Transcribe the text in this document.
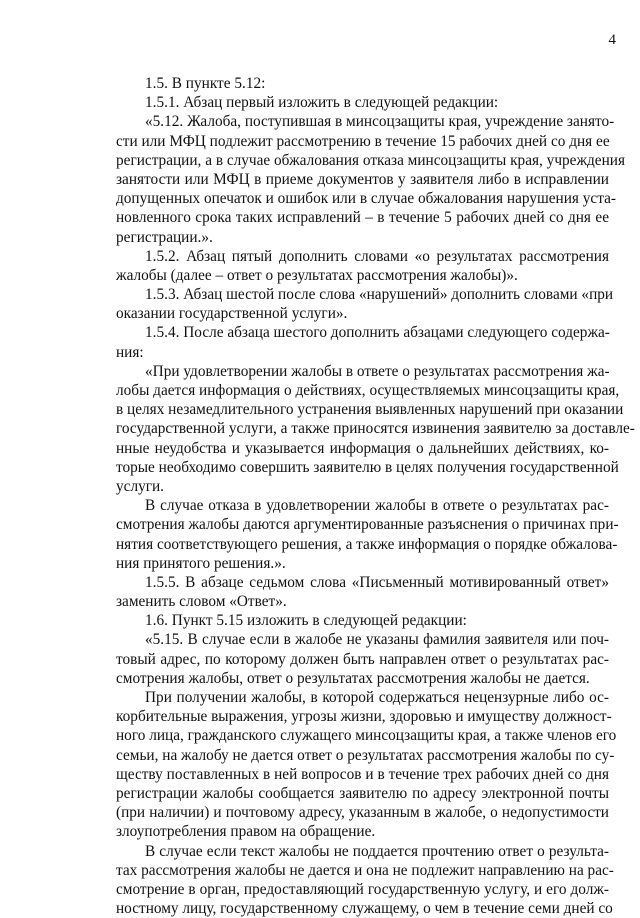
4
1.5. В пункте 5.12:
1.5.1. Абзац первый изложить в следующей редакции:
«5.12. Жалоба, поступившая в минсоцзащиты края, учреждение занято-
сти или МФЦ подлежит рассмотрению в течение 15 рабочих дней со дня ее
регистрации, а в случае обжалования отказа минсоцзащиты края, учреждения
занятости или МФЦ в приеме документов у заявителя либо в исправлении
допущенных опечаток и ошибок или в случае обжалования нарушения уста-
новленного срока таких исправлений – в течение 5 рабочих дней со дня ее
регистрации.».
1.5.2. Абзац пятый дополнить словами «о результатах рассмотрения
жалобы (далее – ответ о результатах рассмотрения жалобы)».
1.5.3. Абзац шестой после слова «нарушений» дополнить словами «при
оказании государственной услуги».
1.5.4. После абзаца шестого дополнить абзацами следующего содержа-
ния:
«При удовлетворении жалобы в ответе о результатах рассмотрения жа-
лобы дается информация о действиях, осуществляемых минсоцзащиты края,
в целях незамедлительного устранения выявленных нарушений при оказании
государственной услуги, а также приносятся извинения заявителю за доставле-
нные неудобства и указывается информация о дальнейших действиях, ко-
торые необходимо совершить заявителю в целях получения государственной
услуги.
В случае отказа в удовлетворении жалобы в ответе о результатах рас-
смотрения жалобы даются аргументированные разъяснения о причинах при-
нятия соответствующего решения, а также информация о порядке обжалова-
ния принятого решения.».
1.5.5. В абзаце седьмом слова «Письменный мотивированный ответ»
заменить словом «Ответ».
1.6. Пункт 5.15 изложить в следующей редакции:
«5.15. В случае если в жалобе не указаны фамилия заявителя или поч-
товый адрес, по которому должен быть направлен ответ о результатах рас-
смотрения жалобы, ответ о результатах рассмотрения жалобы не дается.
При получении жалобы, в которой содержаться нецензурные либо ос-
корбительные выражения, угрозы жизни, здоровью и имуществу должност-
ного лица, гражданского служащего минсоцзащиты края, а также членов его
семьи, на жалобу не дается ответ о результатах рассмотрения жалобы по су-
ществу поставленных в ней вопросов и в течение трех рабочих дней со дня
регистрации жалобы сообщается заявителю по адресу электронной почты
(при наличии) и почтовому адресу, указанным в жалобе, о недопустимости
злоупотребления правом на обращение.
В случае если текст жалобы не поддается прочтению ответ о результа-
тах рассмотрения жалобы не дается и она не подлежит направлению на рас-
смотрение в орган, предоставляющий государственную услугу, и его долж-
ностному лицу, государственному служащему, о чем в течение семи дней со
